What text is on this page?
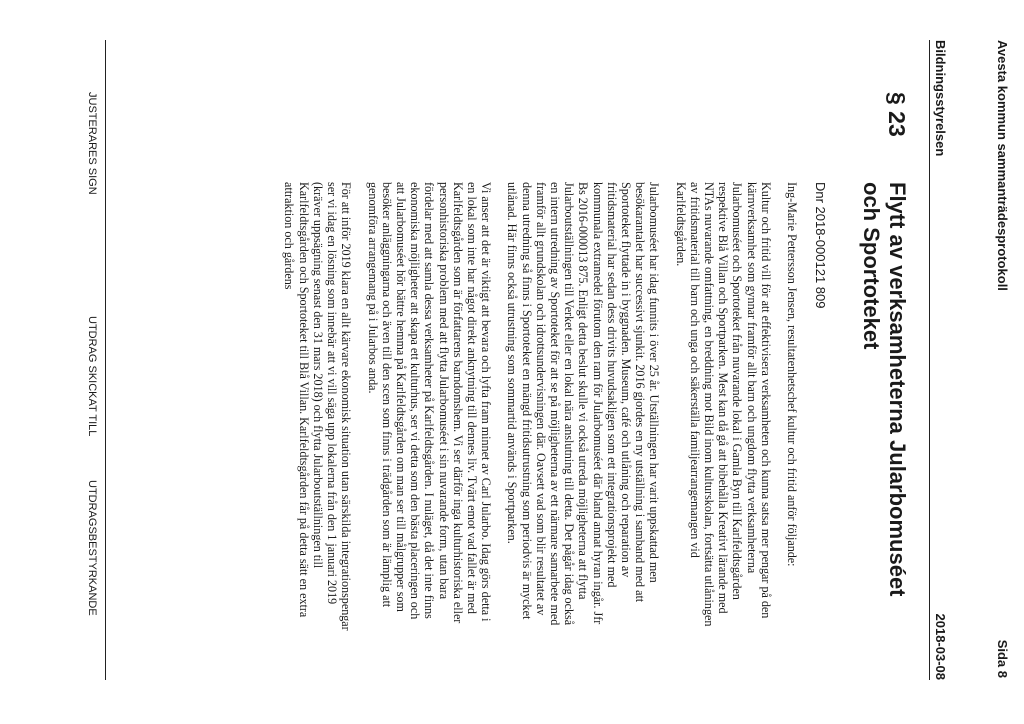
Avesta kommun sammanträdesprotokoll
Sida 8
Bildningsstyrelsen
2018-03-08
§ 23
Flytt av verksamheterna Jularbomuséet och Sportoteket

Dnr 2018-000121 809

Ing-Marie Pettersson Jensen, resultatenhetschef kultur och fritid anför följande:

Kultur och fritid vill för att effektivisera verksamheten och kunna satsa mer pengar på den kärnverksamhet som gynnar framför allt barn och ungdom flytta verksamheterna Jularbomuséet och Sportoteket från nuvarande lokal i Gamla Byn till Karlfeldtsgården respektive Blå Villan och Sportparken. Mest kan då gå att bibehålla Kreativt lärande med NTAs nuvarande omfattning, en breddning mot Bild inom kulturskolan, fortsätta utlåningen av fritidsmaterial till barn och unga och säkerställa familjearrangemangen vid Karlfeldtsgården.

Jularbomuséet har idag funnits i över 25 år. Utställningen har varit uppskattad men besökarantalet har successivt sjunkit. 2016 gjordes en ny utställning i samband med att Sportoteket flyttade in i byggnaden. Museum, café och utlåning och reparation av fritidsmaterial har sedan dess drivits huvudsakligen som ett integrationsprojekt med kommunala extramedel förutom den ram för Jularbomuséet där bland annat hyran ingår. Jfr Bs 2016-000013 875. Enligt detta beslut skulle vi också utreda möjligheterna att flytta Jularboutställningen till Verket eller en lokal nära anslutning till detta. Det pågår idag också en intern utredning av Sportoteket för att se på möjligheterna av ett närmare samarbete med framför allt grundskolan och idrottsundervisningen där. Oavsett vad som blir resultatet av denna utredning så finns i Sportoteket en mängd fritidsutrustning som periodvis är mycket utlånad. Här finns också utrustning som sommartid används i Sportparken.

Vi anser att det är viktigt att bevara och lyfta fram minnet av Carl Jularbo. Idag görs detta i en lokal som inte har något direkt anknytning till dennes liv. Tvärt emot vad fallet är med Karlfeldtsgården som är författarens barndomshem. Vi ser därför inga kulturhistoriska eller personhistoriska problem med att flytta Jularbomuséet i sin nuvarande form, utan bara fördelar med att samla dessa verksamheter på Karlfeldtsgården. I nuläget, då det inte finns ekonomiska möjligheter att skapa ett kulturhus, ser vi detta som den bästa placeringen och att Jularbomuséet hör bättre hemma på Karlfeldtsgården om man ser till målgrupper som besöker anläggningarna och även till den scen som finns i trädgården som är lämplig att genomföra arrangemang på i Jularbos anda.

För att inför 2019 klara en allt kärvare ekonomisk situation utan särskilda integrationspengar ser vi idag en lösning som innebär att vi vill säga upp lokalerna från den 1 januari 2019 (kräver uppsägning senast den 31 mars 2018) och flytta Jularboutställningen till Karlfeldtsgården och Sportoteket till Blå Villan. Karlfeldtsgården får på detta sätt en extra attraktion och gårdens

JUSTERARES SIGN
UTDRAG SKICKAT TILL
UTDRAGSBESTYRKANDE
